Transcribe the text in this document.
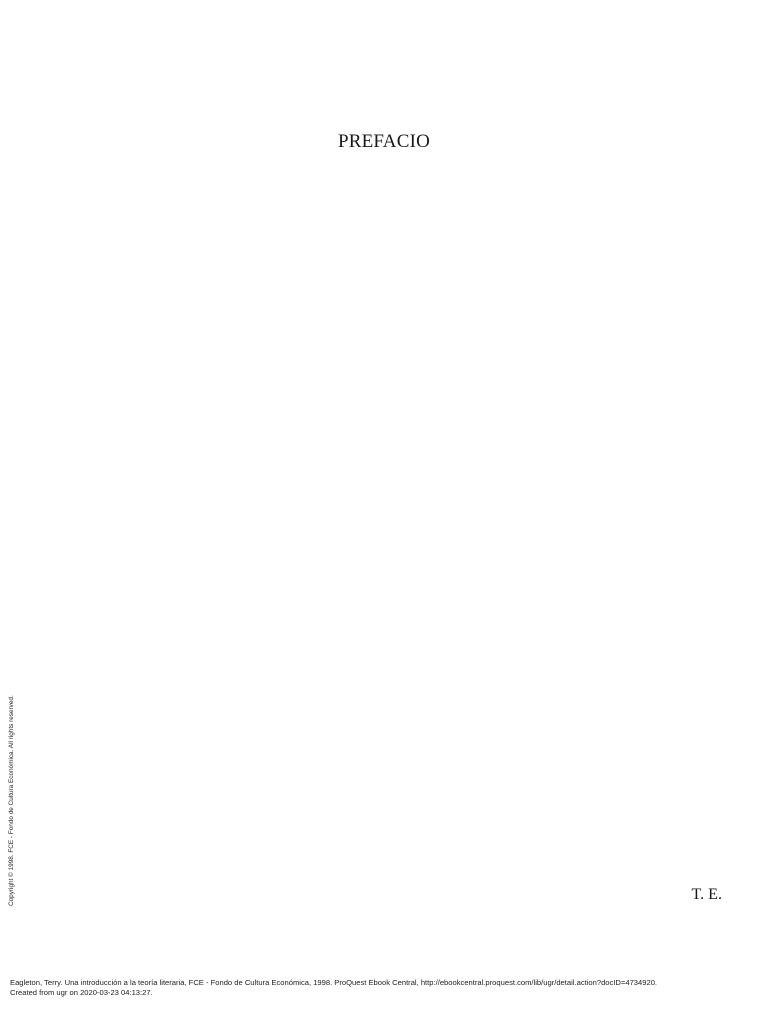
PREFACIO

T. E.
Copyright © 1998. FCE - Fondo de Cultura Económica. All rights reserved.
Eagleton, Terry. Una introducción a la teoría literaria, FCE - Fondo de Cultura Económica, 1998. ProQuest Ebook Central, http://ebookcentral.proquest.com/lib/ugr/detail.action?docID=4734920.
Created from ugr on 2020-03-23 04:13:27.
